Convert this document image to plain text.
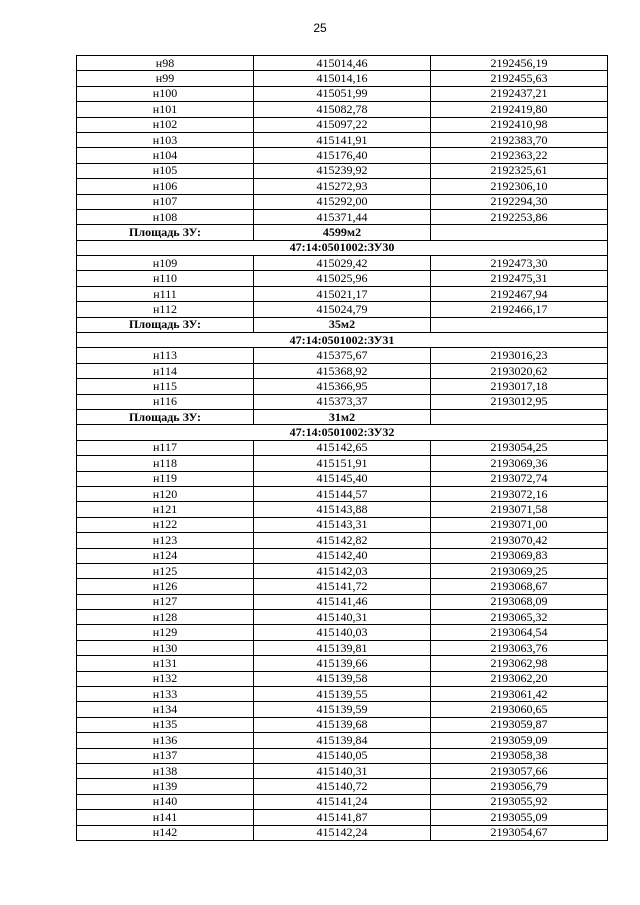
25
н98	415014,46	2192456,19
н99	415014,16	2192455,63
н100	415051,99	2192437,21
н101	415082,78	2192419,80
н102	415097,22	2192410,98
н103	415141,91	2192383,70
н104	415176,40	2192363,22
н105	415239,92	2192325,61
н106	415272,93	2192306,10
н107	415292,00	2192294,30
н108	415371,44	2192253,86
Площадь ЗУ:	4599м2	
47:14:0501002:ЗУ30		
н109	415029,42	2192473,30
н110	415025,96	2192475,31
н111	415021,17	2192467,94
н112	415024,79	2192466,17
Площадь ЗУ:	35м2	
47:14:0501002:ЗУ31		
н113	415375,67	2193016,23
н114	415368,92	2193020,62
н115	415366,95	2193017,18
н116	415373,37	2193012,95
Площадь ЗУ:	31м2	
47:14:0501002:ЗУ32		
н117	415142,65	2193054,25
н118	415151,91	2193069,36
н119	415145,40	2193072,74
н120	415144,57	2193072,16
н121	415143,88	2193071,58
н122	415143,31	2193071,00
н123	415142,82	2193070,42
н124	415142,40	2193069,83
н125	415142,03	2193069,25
н126	415141,72	2193068,67
н127	415141,46	2193068,09
н128	415140,31	2193065,32
н129	415140,03	2193064,54
н130	415139,81	2193063,76
н131	415139,66	2193062,98
н132	415139,58	2193062,20
н133	415139,55	2193061,42
н134	415139,59	2193060,65
н135	415139,68	2193059,87
н136	415139,84	2193059,09
н137	415140,05	2193058,38
н138	415140,31	2193057,66
н139	415140,72	2193056,79
н140	415141,24	2193055,92
н141	415141,87	2193055,09
н142	415142,24	2193054,67
